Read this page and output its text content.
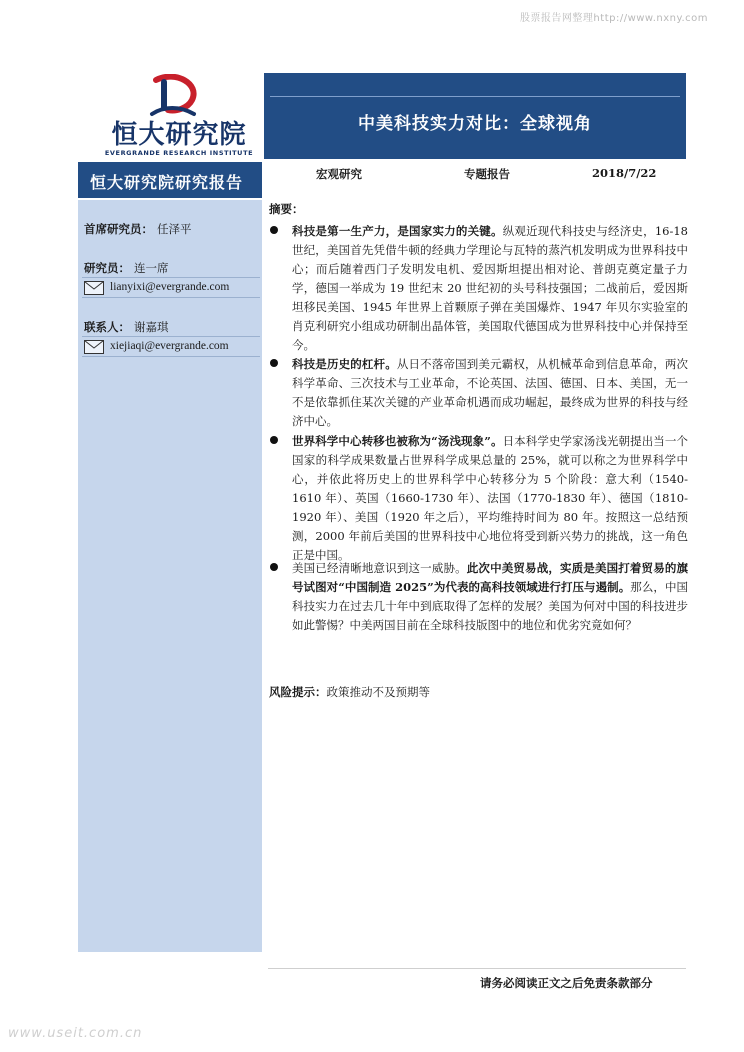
股票报告网整理http://www.nxny.com
恒大研究院
EVERGRANDE RESEARCH INSTITUTE
中美科技实力对比：全球视角
恒大研究院研究报告	宏观研究	专题报告	2018/7/22
首席研究员： 任泽平
研究员： 连一席
lianyixi@evergrande.com
联系人： 谢嘉琪
xiejiaqi@evergrande.com
摘要：

科技是第一生产力，是国家实力的关键。纵观近现代科技史与经济史，16-18 世纪，美国首先凭借牛顿的经典力学理论与瓦特的蒸汽机发明成为世界科技中心；而后随着西门子发明发电机、爱因斯坦提出相对论、普朗克奠定量子力学，德国一举成为 19 世纪末 20 世纪初的头号科技强国；二战前后，爱因斯坦移民美国、1945 年世界上首颗原子弹在美国爆炸、1947 年贝尔实验室的肖克利研究小组成功研制出晶体管，美国取代德国成为世界科技中心并保持至今。

科技是历史的杠杆。从日不落帝国到美元霸权，从机械革命到信息革命，两次科学革命、三次技术与工业革命，不论英国、法国、德国、日本、美国，无一不是依靠抓住某次关键的产业革命机遇而成功崛起，最终成为世界的科技与经济中心。

世界科学中心转移也被称为“汤浅现象”。日本科学史学家汤浅光朝提出当一个国家的科学成果数量占世界科学成果总量的 25%，就可以称之为世界科学中心，并依此将历史上的世界科学中心转移分为 5 个阶段：意大利（1540-1610 年）、英国（1660-1730 年）、法国（1770-1830 年）、德国（1810-1920 年）、美国（1920 年之后），平均维持时间为 80 年。按照这一总结预测，2000 年前后美国的世界科技中心地位将受到新兴势力的挑战，这一角色正是中国。

美国已经清晰地意识到这一威胁。此次中美贸易战，实质是美国打着贸易的旗号试图对“中国制造 2025”为代表的高科技领域进行打压与遏制。那么，中国科技实力在过去几十年中到底取得了怎样的发展？美国为何对中国的科技进步如此警惕？中美两国目前在全球科技版图中的地位和优劣究竟如何？

风险提示：政策推动不及预期等
请务必阅读正文之后免责条款部分
www.useit.com.cn
